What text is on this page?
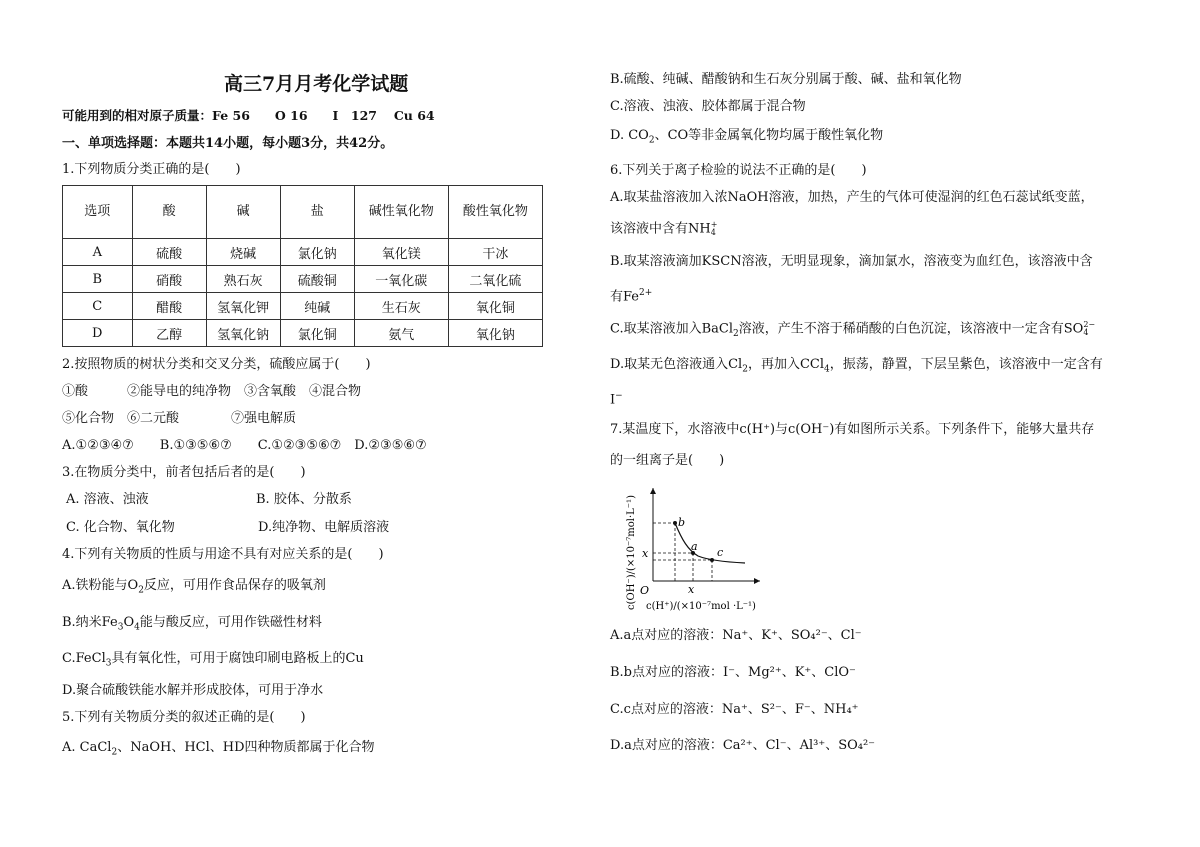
高三7月月考化学试题
可能用到的相对原子质量：Fe 56　　O 16　　I　127　 Cu 64
一、单项选择题：本题共14小题，每小题3分，共42分。
1.下列物质分类正确的是(　　)
选项	酸	碱	盐	碱性氧化物	酸性氧化物
A	硫酸	烧碱	氯化钠	氧化镁	干冰
B	硝酸	熟石灰	硫酸铜	一氧化碳	二氧化硫
C	醋酸	氢氧化钾	纯碱	生石灰	氧化铜
D	乙醇	氢氧化钠	氯化铜	氨气	氧化钠
2.按照物质的树状分类和交叉分类，硫酸应属于(　　)
①酸　　　②能导电的纯净物　③含氧酸　④混合物
⑤化合物　⑥二元酸　　　　⑦强电解质
A.①②③④⑦　　B.①③⑤⑥⑦　　C.①②③⑤⑥⑦　D.②③⑤⑥⑦
3.在物质分类中，前者包括后者的是(　　)
A. 溶液、浊液	B. 胶体、分散系
C. 化合物、氧化物	D.纯净物、电解质溶液
4.下列有关物质的性质与用途不具有对应关系的是(　　)
A.铁粉能与$O_2$反应，可用作食品保存的吸氧剂
B.纳米$Fe_3O_4$能与酸反应，可用作铁磁性材料
C.FeCl$_3$具有氧化性，可用于腐蚀印刷电路板上的Cu
D.聚合硫酸铁能水解并形成胶体，可用于净水
5.下列有关物质分类的叙述正确的是(　　)
A. CaCl$_2$、NaOH、HCl、HD四种物质都属于化合物
B.硫酸、纯碱、醋酸钠和生石灰分别属于酸、碱、盐和氧化物
C.溶液、浊液、胶体都属于混合物
D. $CO_2$、CO等非金属氧化物均属于酸性氧化物
6.下列关于离子检验的说法不正确的是(　　)
A.取某盐溶液加入浓NaOH溶液，加热，产生的气体可使湿润的红色石蕊试纸变蓝，
该溶液中含有NH +
4
B.取某溶液滴加KSCN溶液，无明显现象，滴加氯水，溶液变为血红色，该溶液中含
有$Fe^{2+}$
C.取某溶液加入BaCl$_2$溶液，产生不溶于稀硝酸的白色沉淀，该溶液中一定含有SO 2−
4
D.取某无色溶液通入$Cl_2$，再加入CCl$_4$，振荡，静置，下层呈紫色，该溶液中一定含有
I−
7.某温度下，水溶液中c(H⁺)与c(OH⁻)有如图所示关系。下列条件下，能够大量共存
的一组离子是(　　)
b
a c
x
x
O
c(H⁺)/(×10⁻⁷mol ·L⁻¹)
c(OH⁻)/(×10⁻⁷mol·L⁻¹)
A.a点对应的溶液：Na⁺、K⁺、SO₄²⁻、Cl⁻
B.b点对应的溶液：I⁻、Mg²⁺、K⁺、ClO⁻
C.c点对应的溶液：Na⁺、S²⁻、F⁻、NH₄⁺
D.a点对应的溶液：Ca²⁺、Cl⁻、Al³⁺、SO₄²⁻
